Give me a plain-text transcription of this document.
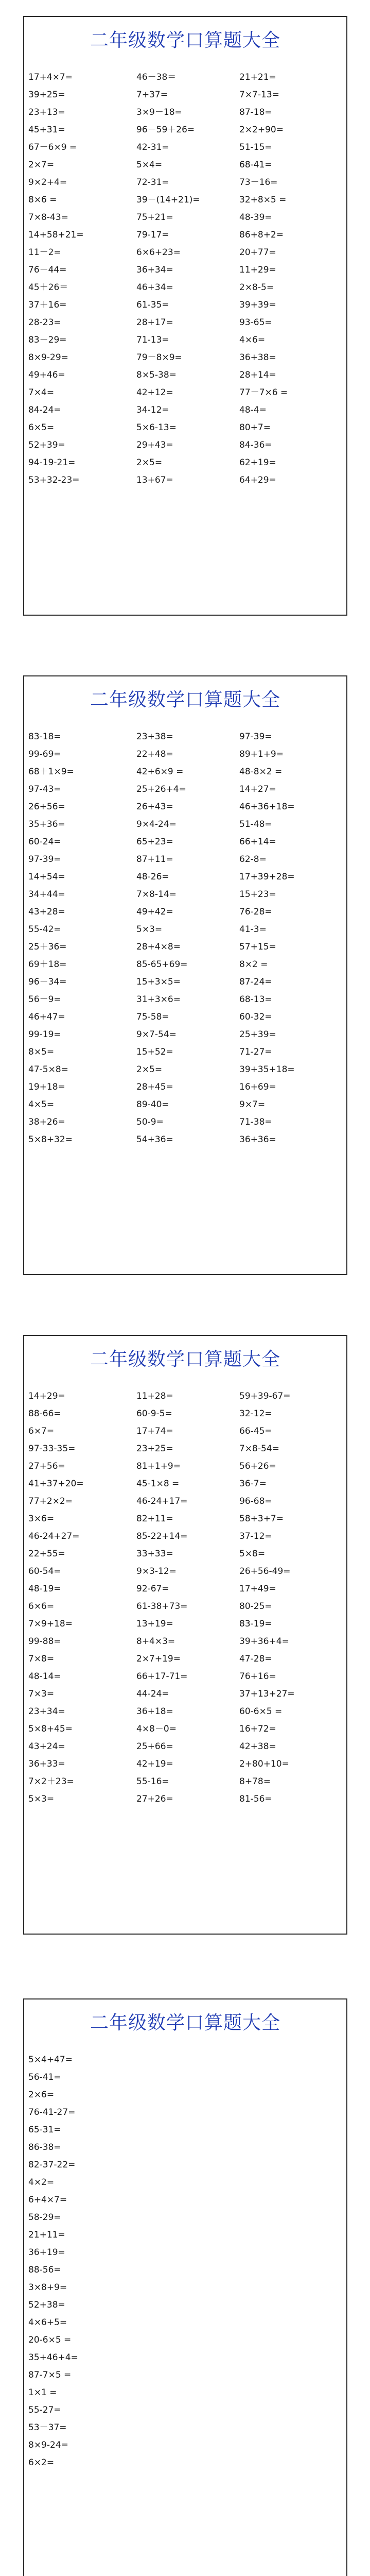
二年级数学口算题大全
17+4×7=	46－38＝	21+21=
39+25=	7+37=	7×7-13=
23+13=	3×9－18=	87-18=
45+31=	96－59＋26=	2×2+90=
67－6×9 =	42-31=	51-15=
2×7=	5×4=	68-41=
9×2+4=	72-31=	73－16=
8×6 =	39－(14+21)=	32+8×5 =
7×8-43=	75+21=	48-39=
14+58+21=	79-17=	86+8+2=
11－2=	6×6+23=	20+77=
76－44=	36+34=	11+29=
45＋26＝	46+34=	2×8-5=
37＋16=	61-35=	39+39=
28-23=	28+17=	93-65=
83－29=	71-13=	4×6=
8×9-29=	79－8×9=	36+38=
49+46=	8×5-38=	28+14=
7×4=	42+12=	77－7×6 =
84-24=	34-12=	48-4=
6×5=	5×6-13=	80+7=
52+39=	29+43=	84-36=
94-19-21=	2×5=	62+19=
53+32-23=	13+67=	64+29=
二年级数学口算题大全
83-18=	23+38=	97-39=
99-69=	22+48=	89+1+9=
68＋1×9=	42+6×9 =	48-8×2 =
97-43=	25+26+4=	14+27=
26+56=	26+43=	46+36+18=
35+36=	9×4-24=	51-48=
60-24=	65+23=	66+14=
97-39=	87+11=	62-8=
14+54=	48-26=	17+39+28=
34+44=	7×8-14=	15+23=
43+28=	49+42=	76-28=
55-42=	5×3=	41-3=
25＋36=	28+4×8=	57+15=
69＋18=	85-65+69=	8×2 =
96－34=	15+3×5=	87-24=
56－9=	31+3×6=	68-13=
46+47=	75-58=	60-32=
99-19=	9×7-54=	25+39=
8×5=	15+52=	71-27=
47-5×8=	2×5=	39+35+18=
19+18=	28+45=	16+69=
4×5=	89-40=	9×7=
38+26=	50-9=	71-38=
5×8+32=	54+36=	36+36=
二年级数学口算题大全
14+29=	11+28=	59+39-67=
88-66=	60-9-5=	32-12=
6×7=	17+74=	66-45=
97-33-35=	23+25=	7×8-54=
27+56=	81+1+9=	56+26=
41+37+20=	45-1×8 =	36-7=
77+2×2=	46-24+17=	96-68=
3×6=	82+11=	58+3+7=
46-24+27=	85-22+14=	37-12=
22+55=	33+33=	5×8=
60-54=	9×3-12=	26+56-49=
48-19=	92-67=	17+49=
6×6=	61-38+73=	80-25=
7×9+18=	13+19=	83-19=
99-88=	8+4×3=	39+36+4=
7×8=	2×7+19=	47-28=
48-14=	66+17-71=	76+16=
7×3=	44-24=	37+13+27=
23+34=	36+18=	60-6×5 =
5×8+45=	4×8－0=	16+72=
43+24=	25+66=	42+38=
36+33=	42+19=	2+80+10=
7×2＋23=	55-16=	8+78=
5×3=	27+26=	81-56=
二年级数学口算题大全
5×4+47=
56-41=
2×6=
76-41-27=
65-31=
86-38=
82-37-22=
4×2=
6+4×7=
58-29=
21+11=
36+19=
88-56=
3×8+9=
52+38=
4×6+5=
20-6×5 =
35+46+4=
87-7×5 =
1×1 =
55-27=
53－37=
8×9-24=
6×2=
